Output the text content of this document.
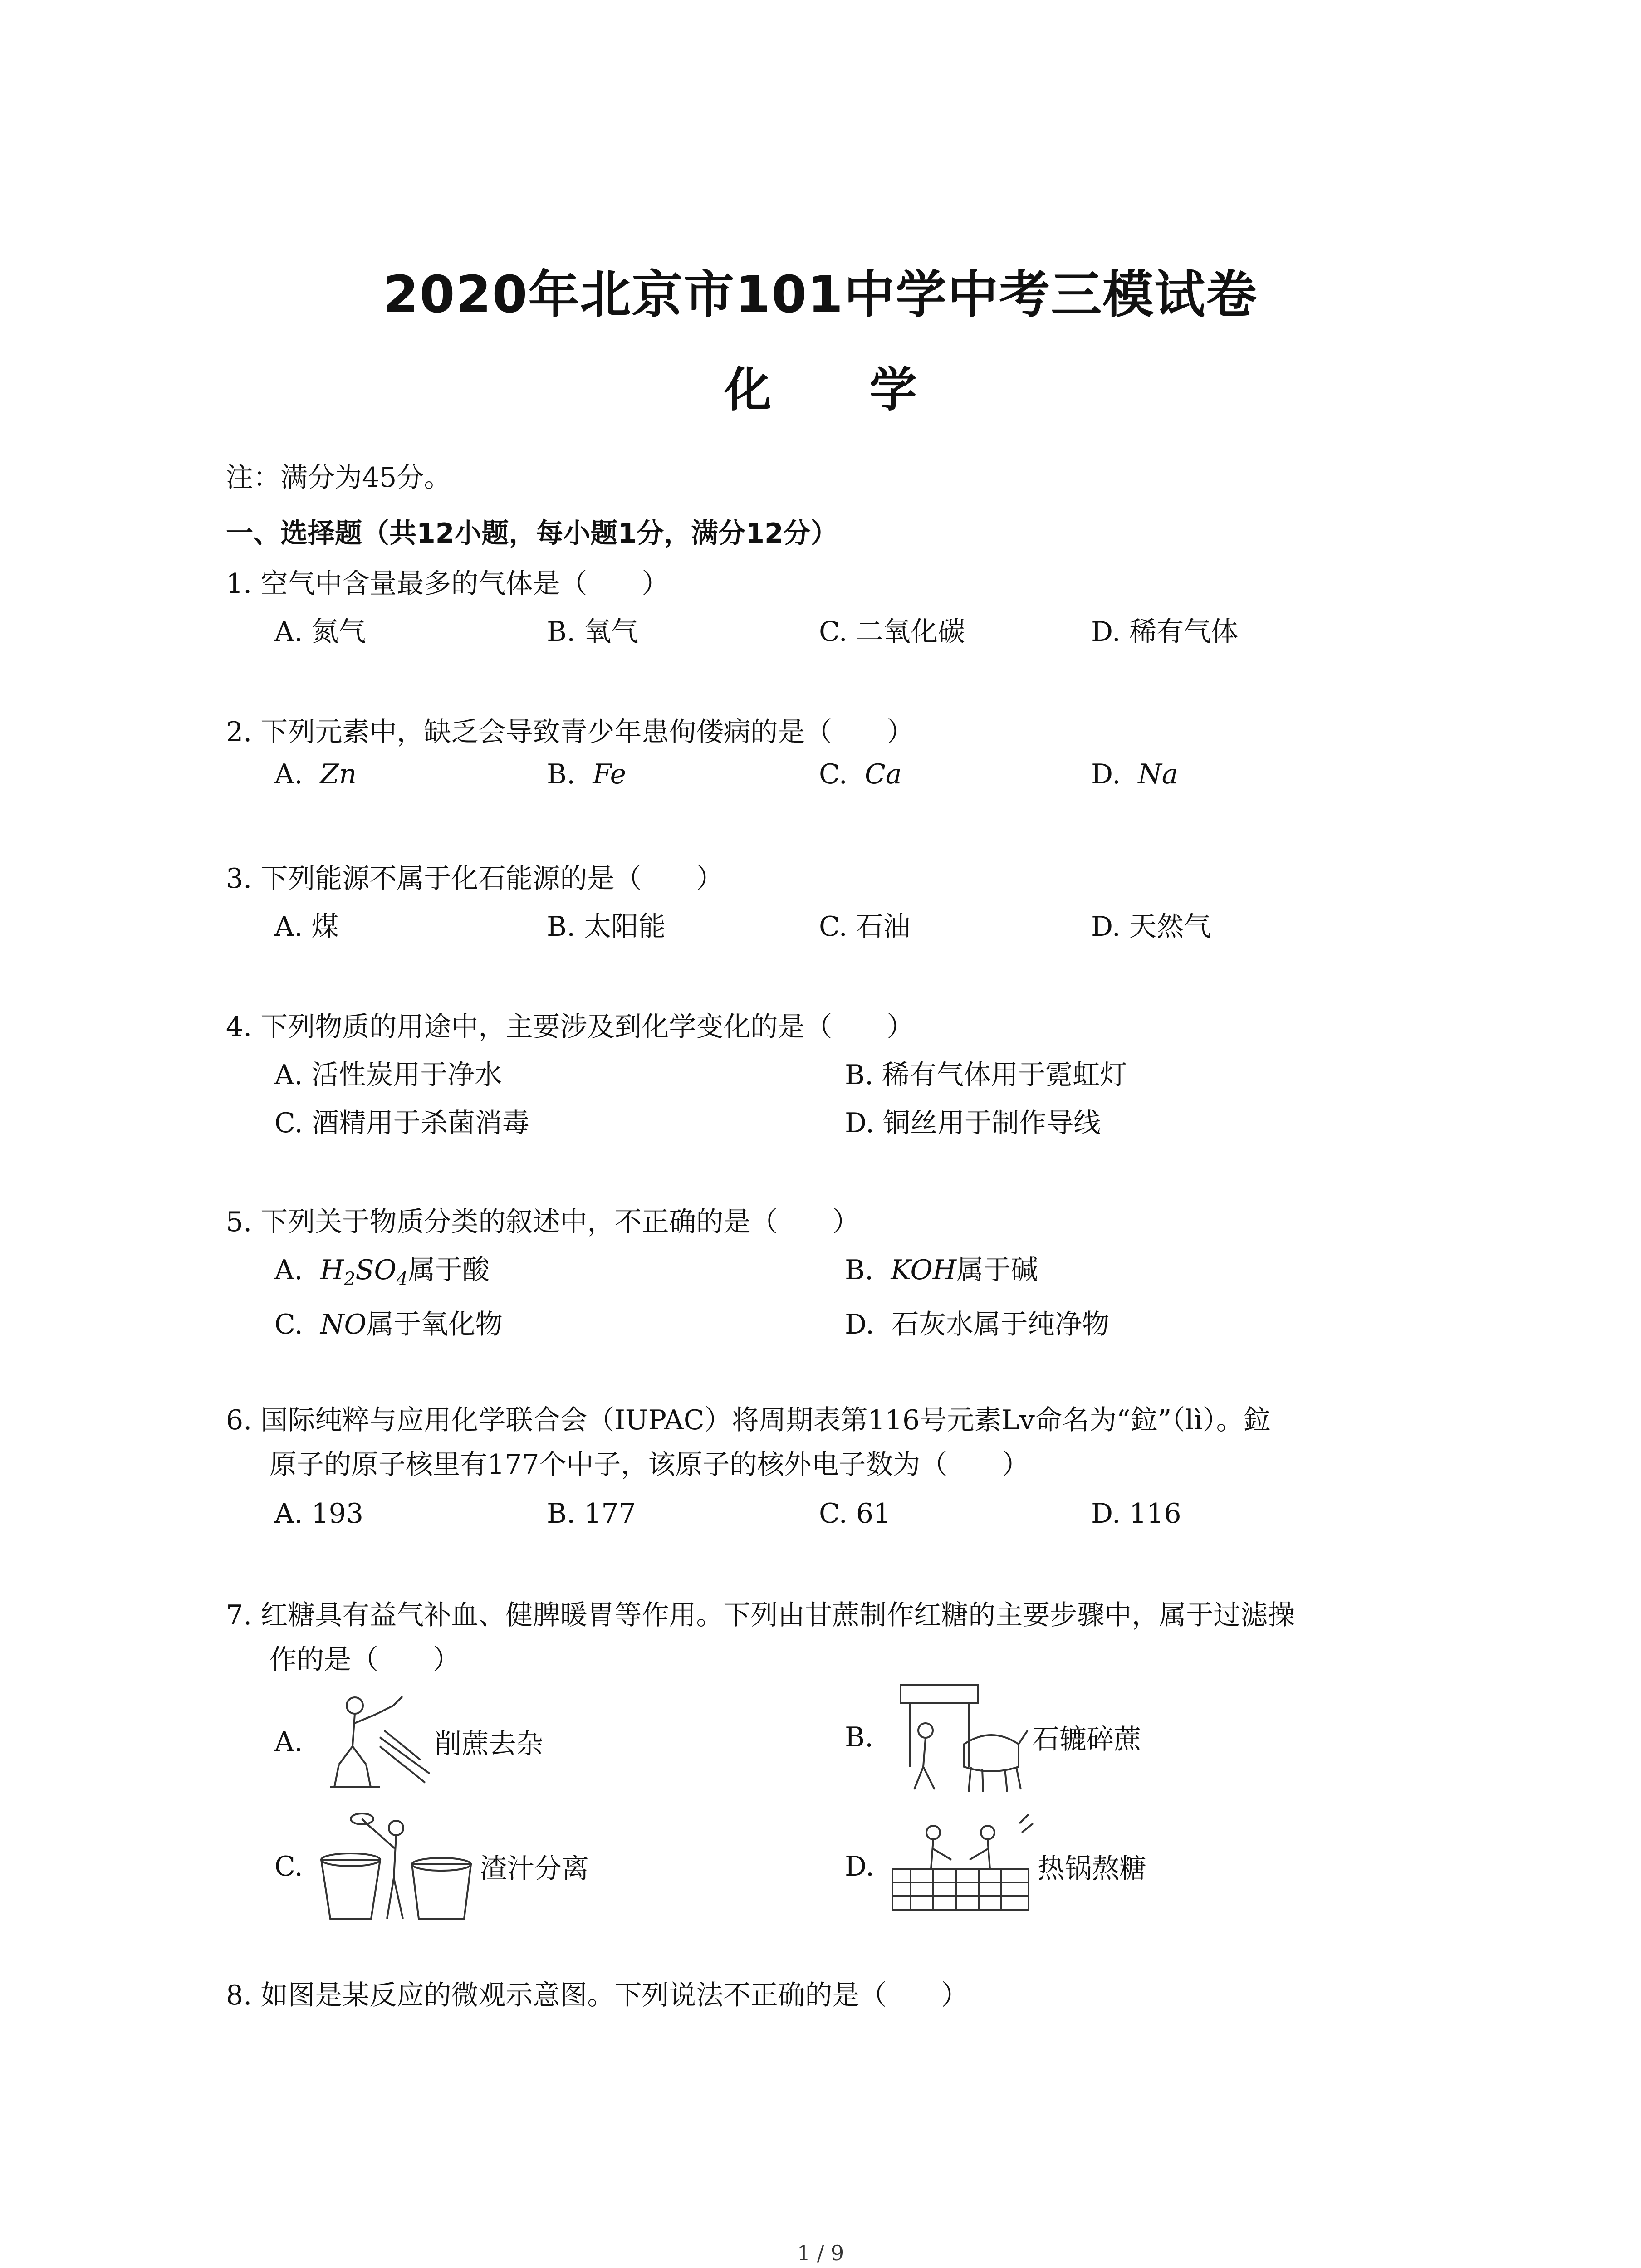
2020年北京市101中学中考三模试卷
化 学
注：满分为45分。
一、选择题（共12小题，每小题1分，满分12分）
1. 空气中含量最多的气体是（　　）
A. 氮气	B. 氧气	C. 二氧化碳	D. 稀有气体
2. 下列元素中，缺乏会导致青少年患佝偻病的是（　　）
A. Zn	B. Fe	C. Ca	D. Na
3. 下列能源不属于化石能源的是（　　）
A. 煤	B. 太阳能	C. 石油	D. 天然气
4. 下列物质的用途中，主要涉及到化学变化的是（　　）
A. 活性炭用于净水	B. 稀有气体用于霓虹灯
C. 酒精用于杀菌消毒	D. 铜丝用于制作导线
5. 下列关于物质分类的叙述中，不正确的是（　　）
A. $H_2SO_4$属于酸	B. KOH属于碱
C. NO属于氧化物	D. 石灰水属于纯净物
6. 国际纯粹与应用化学联合会（IUPAC）将周期表第116号元素Lv命名为“鉝”（lì）。鉝
原子的原子核里有177个中子，该原子的核外电子数为（　　）
A. 193	B. 177	C. 61	D. 116
7. 红糖具有益气补血、健脾暖胃等作用。下列由甘蔗制作红糖的主要步骤中，属于过滤操
作的是（　　）
A.	削蔗去杂	B.	石辘碎蔗
C.	渣汁分离	D.	热锅熬糖
8. 如图是某反应的微观示意图。下列说法不正确的是（　　）
1 / 9
